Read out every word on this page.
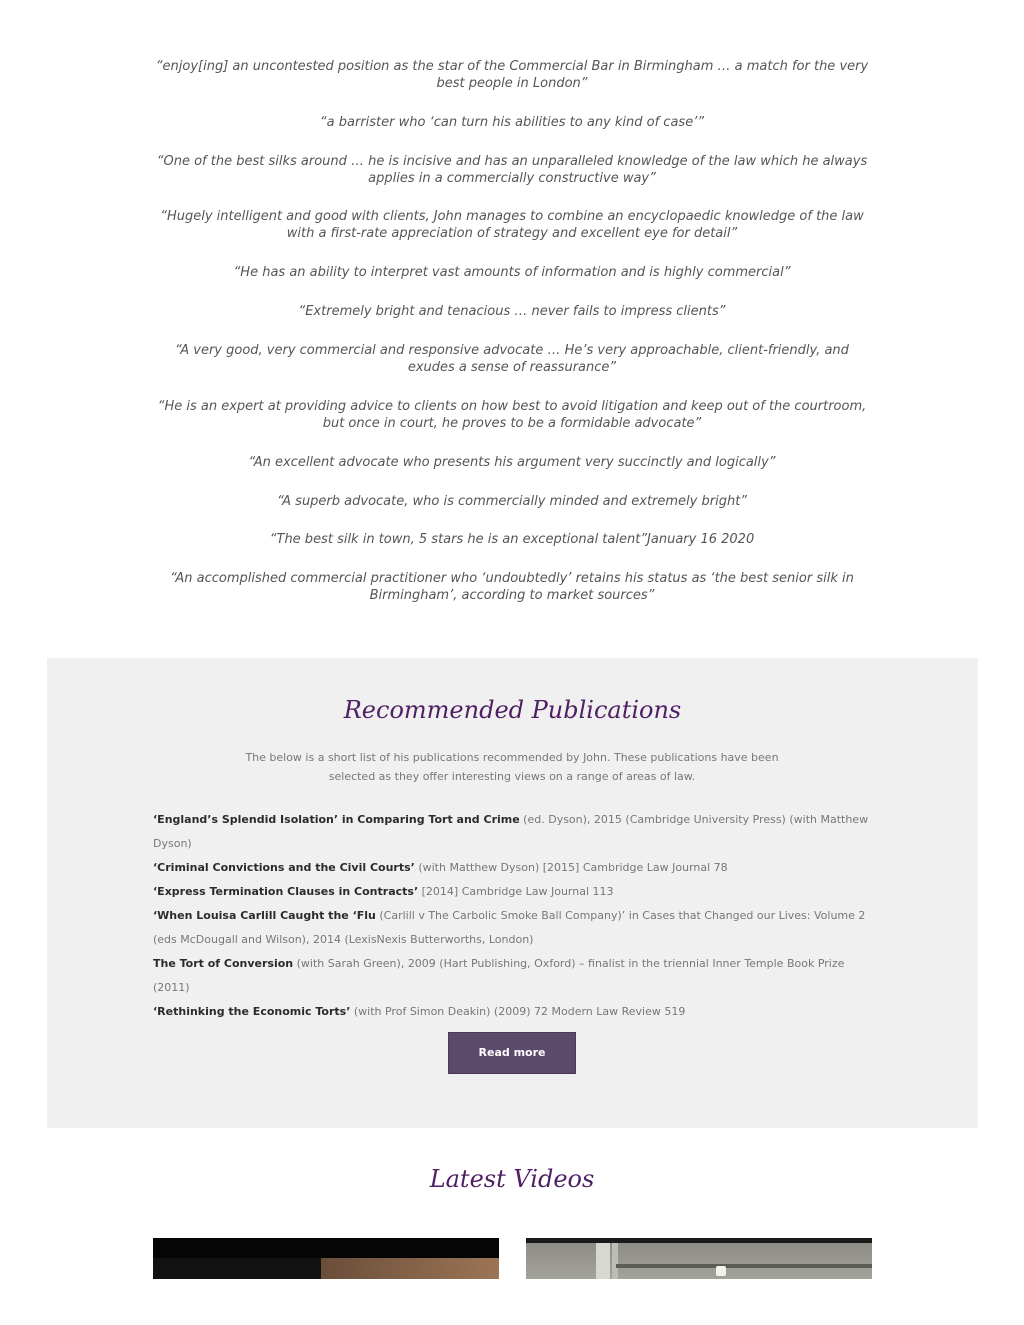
“enjoy[ing] an uncontested position as the star of the Commercial Bar in Birmingham … a match for the very best people in London”

“a barrister who ‘can turn his abilities to any kind of case’”

“One of the best silks around … he is incisive and has an unparalleled knowledge of the law which he always applies in a commercially constructive way”

“Hugely intelligent and good with clients, John manages to combine an encyclopaedic knowledge of the law with a first-rate appreciation of strategy and excellent eye for detail”

“He has an ability to interpret vast amounts of information and is highly commercial”

“Extremely bright and tenacious … never fails to impress clients”

“A very good, very commercial and responsive advocate … He’s very approachable, client-friendly, and exudes a sense of reassurance”

“He is an expert at providing advice to clients on how best to avoid litigation and keep out of the courtroom, but once in court, he proves to be a formidable advocate”

“An excellent advocate who presents his argument very succinctly and logically”

“A superb advocate, who is commercially minded and extremely bright”

“The best silk in town, 5 stars he is an exceptional talent”January 16 2020

“An accomplished commercial practitioner who ‘undoubtedly’ retains his status as ‘the best senior silk in Birmingham’, according to market sources”

Recommended Publications

The below is a short list of his publications recommended by John. These publications have been selected as they offer interesting views on a range of areas of law.

‘England’s Splendid Isolation’ in Comparing Tort and Crime (ed. Dyson), 2015 (Cambridge University Press) (with Matthew Dyson)
‘Criminal Convictions and the Civil Courts’ (with Matthew Dyson) [2015] Cambridge Law Journal 78
‘Express Termination Clauses in Contracts’ [2014] Cambridge Law Journal 113
‘When Louisa Carlill Caught the ‘Flu (Carlill v The Carbolic Smoke Ball Company)’ in Cases that Changed our Lives: Volume 2 (eds McDougall and Wilson), 2014 (LexisNexis Butterworths, London)
The Tort of Conversion (with Sarah Green), 2009 (Hart Publishing, Oxford) – finalist in the triennial Inner Temple Book Prize (2011)
‘Rethinking the Economic Torts’ (with Prof Simon Deakin) (2009) 72 Modern Law Review 519
Read more
Latest Videos
